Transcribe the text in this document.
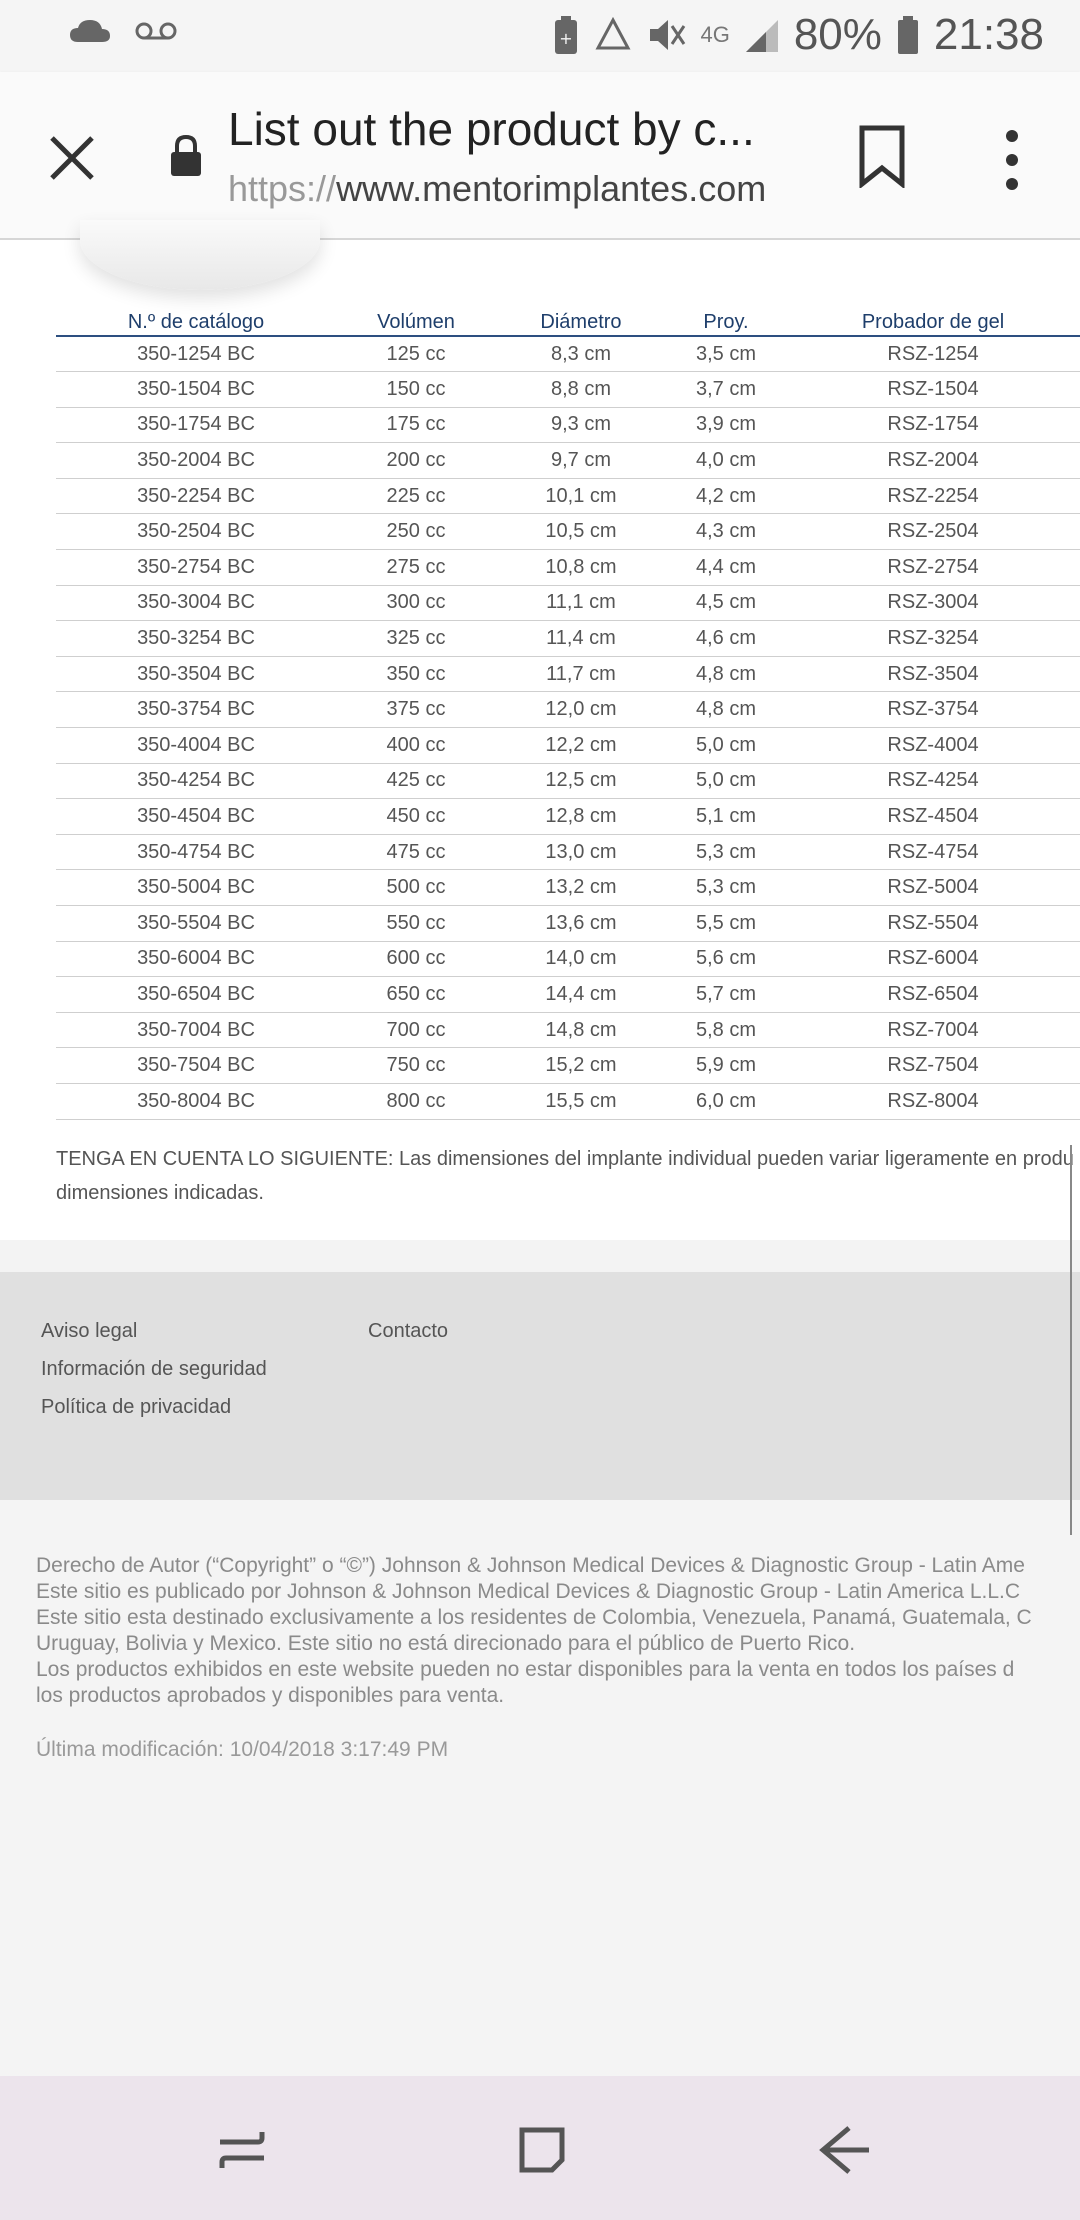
+	4G 80% 21:38
List out the product by c...
https://www.mentorimplantes.com
N.º de catálogo	Volúmen	Diámetro	Proy.	Probador de gel
350-1254 BC	125 cc	8,3 cm	3,5 cm	RSZ-1254
350-1504 BC	150 cc	8,8 cm	3,7 cm	RSZ-1504
350-1754 BC	175 cc	9,3 cm	3,9 cm	RSZ-1754
350-2004 BC	200 cc	9,7 cm	4,0 cm	RSZ-2004
350-2254 BC	225 cc	10,1 cm	4,2 cm	RSZ-2254
350-2504 BC	250 cc	10,5 cm	4,3 cm	RSZ-2504
350-2754 BC	275 cc	10,8 cm	4,4 cm	RSZ-2754
350-3004 BC	300 cc	11,1 cm	4,5 cm	RSZ-3004
350-3254 BC	325 cc	11,4 cm	4,6 cm	RSZ-3254
350-3504 BC	350 cc	11,7 cm	4,8 cm	RSZ-3504
350-3754 BC	375 cc	12,0 cm	4,8 cm	RSZ-3754
350-4004 BC	400 cc	12,2 cm	5,0 cm	RSZ-4004
350-4254 BC	425 cc	12,5 cm	5,0 cm	RSZ-4254
350-4504 BC	450 cc	12,8 cm	5,1 cm	RSZ-4504
350-4754 BC	475 cc	13,0 cm	5,3 cm	RSZ-4754
350-5004 BC	500 cc	13,2 cm	5,3 cm	RSZ-5004
350-5504 BC	550 cc	13,6 cm	5,5 cm	RSZ-5504
350-6004 BC	600 cc	14,0 cm	5,6 cm	RSZ-6004
350-6504 BC	650 cc	14,4 cm	5,7 cm	RSZ-6504
350-7004 BC	700 cc	14,8 cm	5,8 cm	RSZ-7004
350-7504 BC	750 cc	15,2 cm	5,9 cm	RSZ-7504
350-8004 BC	800 cc	15,5 cm	6,0 cm	RSZ-8004
TENGA EN CUENTA LO SIGUIENTE: Las dimensiones del implante individual pueden variar ligeramente en produ
dimensiones indicadas.
Aviso legal
Información de seguridad
Política de privacidad
Contacto
Derecho de Autor (“Copyright” o “©”) Johnson & Johnson Medical Devices & Diagnostic Group - Latin Ame
Este sitio es publicado por Johnson & Johnson Medical Devices & Diagnostic Group - Latin America L.L.C
Este sitio esta destinado exclusivamente a los residentes de Colombia, Venezuela, Panamá, Guatemala, C
Uruguay, Bolivia y Mexico. Este sitio no está direcionado para el público de Puerto Rico.
Los productos exhibidos en este website pueden no estar disponibles para la venta en todos los países d
los productos aprobados y disponibles para venta.
Última modificación: 10/04/2018 3:17:49 PM
